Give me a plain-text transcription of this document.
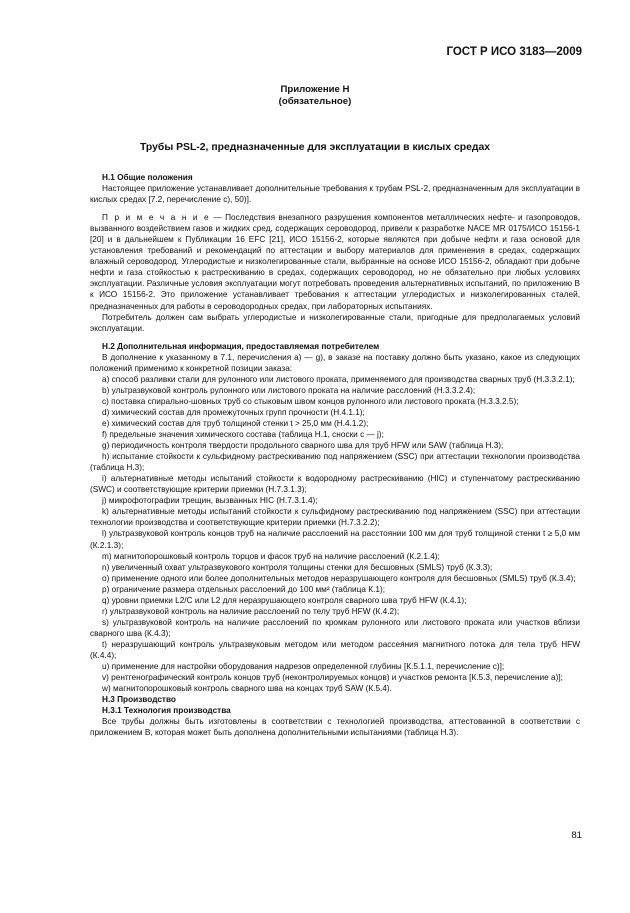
ГОСТ Р ИСО 3183—2009
Приложение Н
(обязательное)
Трубы PSL-2, предназначенные для эксплуатации в кислых средах

Н.1 Общие положения

Настоящее приложение устанавливает дополнительные требования к трубам PSL-2, предназначенным для эксплуатации в кислых средах [7.2, перечисление с), 50)].

П р и м е ч а н и е — Последствия внезапного разрушения компонентов металлических нефте- и газопроводов, вызванного воздействием газов и жидких сред, содержащих сероводород, привели к разработке NACE MR 0175/ИСО 15156-1 [20] и в дальнейшем к Публикации 16 EFC [21], ИСО 15156-2, которые являются при добыче нефти и газа основой для установления требований и рекомендаций по аттестации и выбору материалов для применения в средах, содержащих влажный сероводород. Углеродистые и низколегированные стали, выбранные на основе ИСО 15156-2, обладают при добыче нефти и газа стойкостью к растрескиванию в средах, содержащих сероводород, но не обязательно при любых условиях эксплуатации. Различные условия эксплуатации могут потребовать проведения альтернативных испытаний, по приложению В к ИСО 15156-2. Это приложение устанавливает требования к аттестации углеродистых и низколегированных сталей, предназначенных для работы в сероводородных средах, при лабораторных испытаниях.

Потребитель должен сам выбрать углеродистые и низколегированные стали, пригодные для предполагаемых условий эксплуатации.

Н.2 Дополнительная информация, предоставляемая потребителем

В дополнение к указанному в 7.1, перечисления а) — g), в заказе на поставку должно быть указано, какое из следующих положений применимо к конкретной позиции заказа:

a) способ разливки стали для рулонного или листового проката, применяемого для производства сварных труб (Н.3.3.2.1);

b) ультразвуковой контроль рулонного или листового проката на наличие расслоений (Н.3.3.2.4);

c) поставка спирально-шовных труб со стыковым швом концов рулонного или листового проката (Н.3.3.2.5);

d) химический состав для промежуточных групп прочности (Н.4.1.1);

e) химический состав для труб толщиной стенки t > 25,0 мм (Н.4.1.2);

f) предельные значения химического состава (таблица Н.1, сноски с — j);

g) периодичность контроля твердости продольного сварного шва для труб HFW или SAW (таблица Н.3);

h) испытание стойкости к сульфидному растрескиванию под напряжением (SSC) при аттестации технологии производства (таблица Н.3);

i) альтернативные методы испытаний стойкости к водородному растрескиванию (HIC) и ступенчатому растрескиванию (SWC) и соответствующие критерии приемки (Н.7.3.1.3);

j) микрофотографии трещин, вызванных HIC (Н.7.3.1.4);

k) альтернативные методы испытаний стойкости к сульфидному растрескиванию под напряжением (SSC) при аттестации технологии производства и соответствующие критерии приемки (Н.7.3.2.2);

l) ультразвуковой контроль концов труб на наличие расслоений на расстоянии 100 мм для труб толщиной стенки t ≥ 5,0 мм (К.2.1.3);

m) магнитопорошковый контроль торцов и фасок труб на наличие расслоений (К.2.1.4);

n) увеличенный охват ультразвукового контроля толщины стенки для бесшовных (SMLS) труб (К.3.3);

o) применение одного или более дополнительных методов неразрушающего контроля для бесшовных (SMLS) труб (К.3.4);

p) ограничение размера отдельных расслоений до 100 мм² (таблица К.1);

q) уровни приемки L2/C или L2 для неразрушающего контроля сварного шва труб HFW (К.4.1);

r) ультразвуковой контроль на наличие расслоений по телу труб HFW (К.4.2);

s) ультразвуковой контроль на наличие расслоений по кромкам рулонного или листового проката или участков вблизи сварного шва (К.4.3);

t) неразрушающий контроль ультразвуковым методом или методом рассеяния магнитного потока для тела труб HFW (К.4.4);

u) применение для настройки оборудования надрезов определенной глубины [К.5.1.1, перечисление с)];

v) рентгенографический контроль концов труб (неконтролируемых концов) и участков ремонта [К.5.3, перечисление а)];

w) магнитопорошковый контроль сварного шва на концах труб SAW (К.5.4).

Н.3 Производство

Н.3.1 Технология производства

Все трубы должны быть изготовлены в соответствии с технологией производства, аттестованной в соответствии с приложением В, которая может быть дополнена дополнительными испытаниями (таблица Н.3).

81
